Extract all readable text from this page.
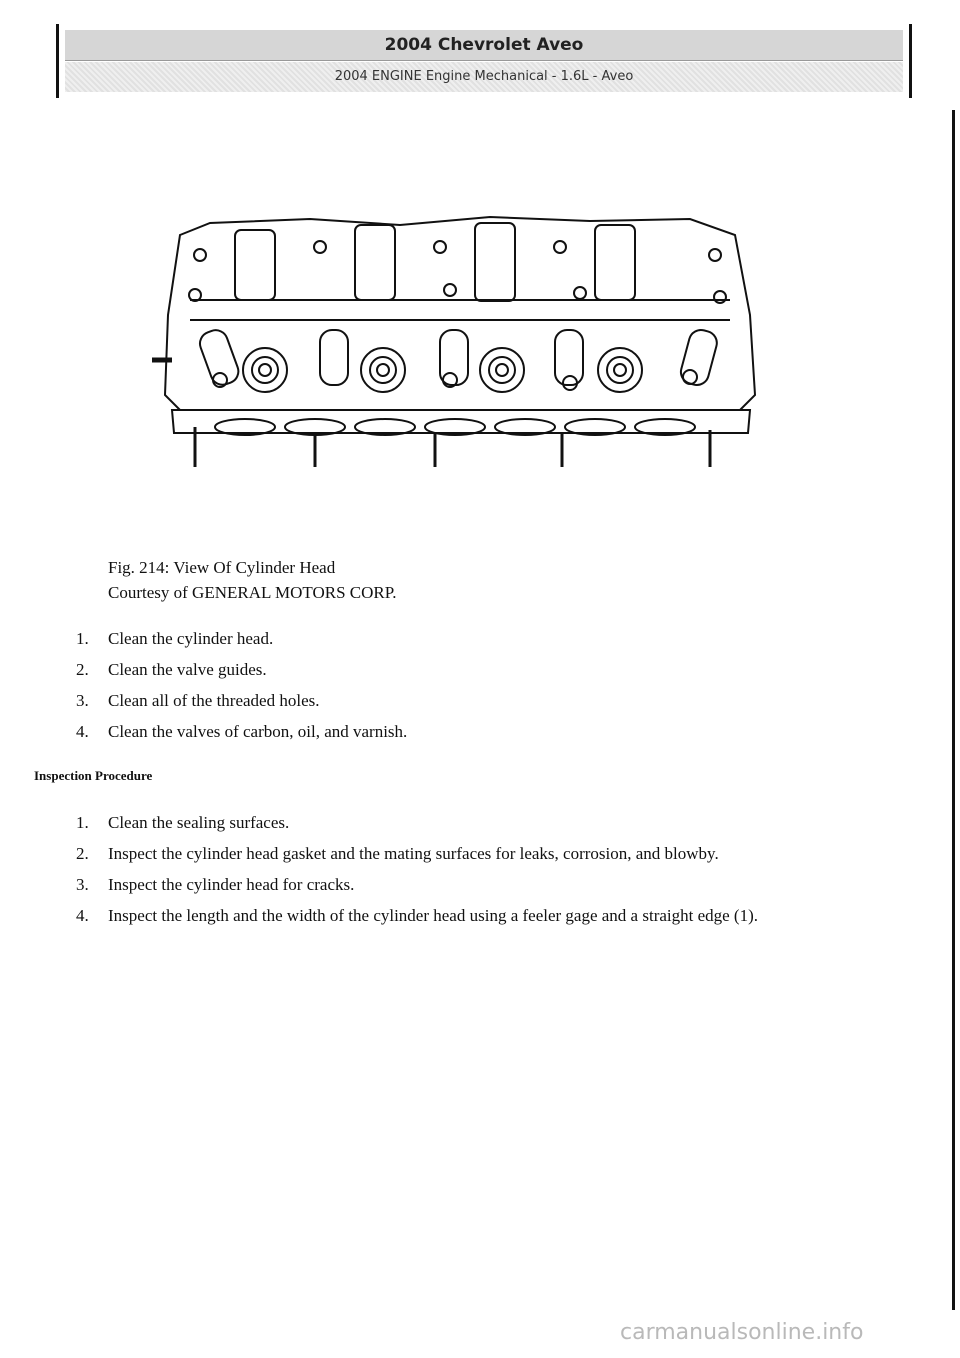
2004 Chevrolet Aveo
2004 ENGINE Engine Mechanical - 1.6L - Aveo
Fig. 214: View Of Cylinder Head
Courtesy of GENERAL MOTORS CORP.
1. Clean the cylinder head.
2. Clean the valve guides.
3. Clean all of the threaded holes.
4. Clean the valves of carbon, oil, and varnish.
Inspection Procedure
1. Clean the sealing surfaces.
2. Inspect the cylinder head gasket and the mating surfaces for leaks, corrosion, and blowby.
3. Inspect the cylinder head for cracks.
4. Inspect the length and the width of the cylinder head using a feeler gage and a straight edge (1).
carmanualsonline.info
